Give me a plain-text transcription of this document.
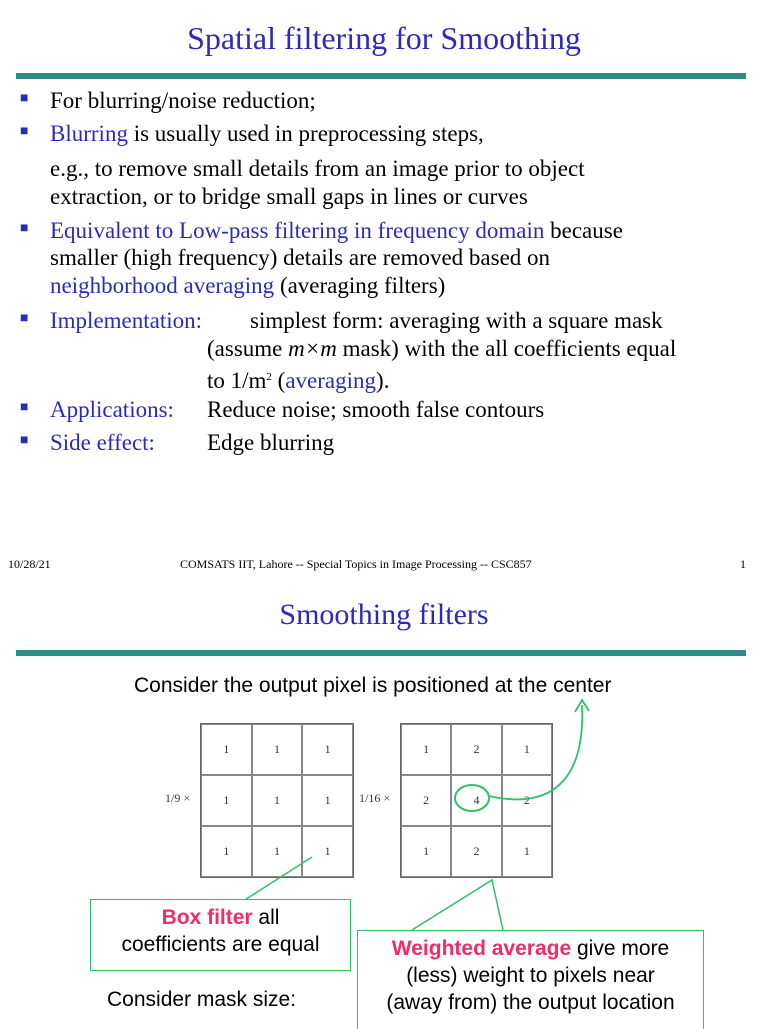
Spatial filtering for Smoothing
■ For blurring/noise reduction;
■ Blurring is usually used in preprocessing steps,
e.g., to remove small details from an image prior to object
extraction, or to bridge small gaps in lines or curves
■ Equivalent to Low-pass filtering in frequency domain because
smaller (high frequency) details are removed based on
neighborhood averaging (averaging filters)
■ Implementation: simplest form: averaging with a square mask
(assume m×m mask) with the all coefficients equal
to $1/m^2$ (averaging).
■ Applications: Reduce noise; smooth false contours
■ Side effect: Edge blurring
10/28/21	COMSATS IIT, Lahore -- Special Topics in Image Processing -- CSC857	1
Smoothing filters
Consider the output pixel is positioned at the center
1/9 ×
1	1	1
1	1	1
1	1	1
1/16 ×
1	2	1
2	4	2
1	2	1
Box filter all
coefficients are equal	Weighted average give more
(less) weight to pixels near
(away from) the output location
Consider mask size:
